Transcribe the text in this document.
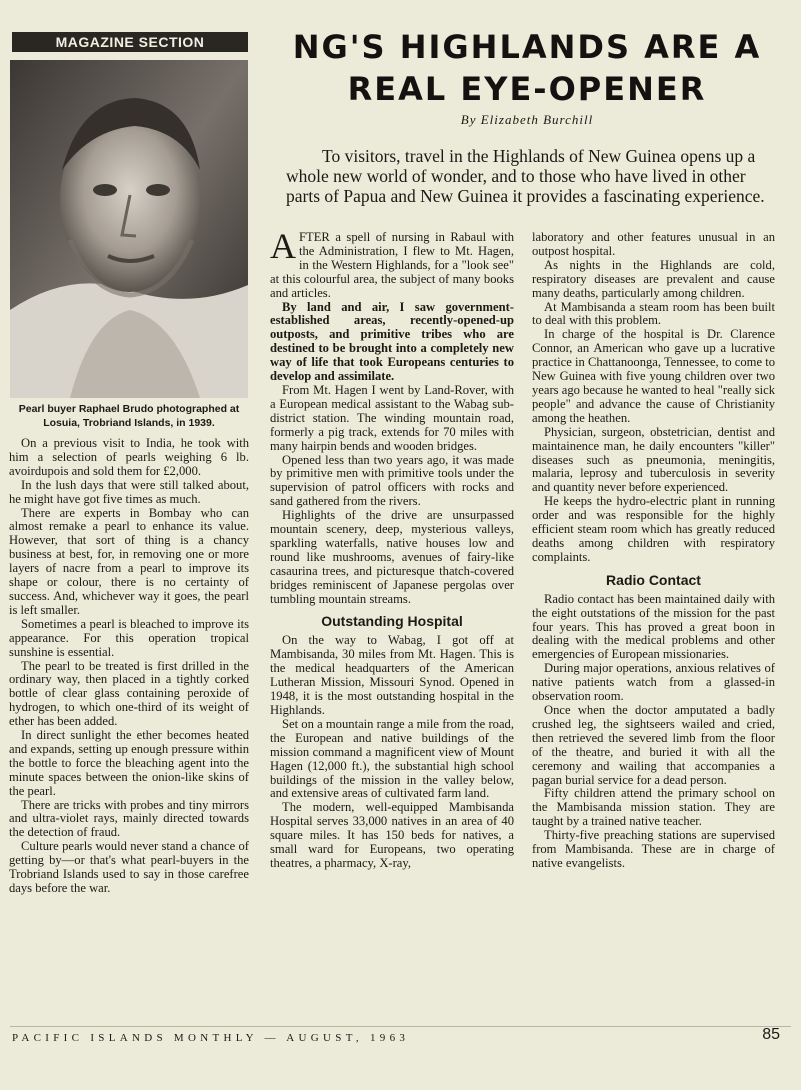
MAGAZINE SECTION	NG'S HIGHLANDS ARE A
REAL EYE-OPENER
By Elizabeth Burchill

To visitors, travel in the Highlands of New Guinea opens up a whole new world of wonder, and to those who have lived in other parts of Papua and New Guinea it provides a fascinating experience.

Pearl buyer Raphael Brudo photographed at Losuia, Trobriand Islands, in 1939.

On a previous visit to India, he took with him a selection of pearls weighing 6 lb. avoirdupois and sold them for £2,000.

In the lush days that were still talked about, he might have got five times as much.

There are experts in Bombay who can almost remake a pearl to enhance its value. However, that sort of thing is a chancy business at best, for, in removing one or more layers of nacre from a pearl to improve its shape or colour, there is no certainty of success. And, whichever way it goes, the pearl is left smaller.

Sometimes a pearl is bleached to improve its appearance. For this operation tropical sunshine is essential.

The pearl to be treated is first drilled in the ordinary way, then placed in a tightly corked bottle of clear glass containing peroxide of hydrogen, to which one-third of its weight of ether has been added.

In direct sunlight the ether becomes heated and expands, setting up enough pressure within the bottle to force the bleaching agent into the minute spaces between the onion-like skins of the pearl.

There are tricks with probes and tiny mirrors and ultra-violet rays, mainly directed towards the detection of fraud.

Culture pearls would never stand a chance of getting by—or that's what pearl-buyers in the Trobriand Islands used to say in those carefree days before the war.

AFTER a spell of nursing in Rabaul with the Administration, I flew to Mt. Hagen, in the Western Highlands, for a "look see" at this colourful area, the subject of many books and articles.

By land and air, I saw government-established areas, recently-opened-up outposts, and primitive tribes who are destined to be brought into a completely new way of life that took Europeans centuries to develop and assimilate.

From Mt. Hagen I went by Land-Rover, with a European medical assistant to the Wabag sub-district station. The winding mountain road, formerly a pig track, extends for 70 miles with many hairpin bends and wooden bridges.

Opened less than two years ago, it was made by primitive men with primitive tools under the supervision of patrol officers with rocks and sand gathered from the rivers.

Highlights of the drive are unsurpassed mountain scenery, deep, mysterious valleys, sparkling waterfalls, native houses low and round like mushrooms, avenues of fairy-like casaurina trees, and picturesque thatch-covered bridges reminiscent of Japanese pergolas over tumbling mountain streams.

Outstanding Hospital

On the way to Wabag, I got off at Mambisanda, 30 miles from Mt. Hagen. This is the medical headquarters of the American Lutheran Mission, Missouri Synod. Opened in 1948, it is the most outstanding hospital in the Highlands.

Set on a mountain range a mile from the road, the European and native buildings of the mission command a magnificent view of Mount Hagen (12,000 ft.), the substantial high school buildings of the mission in the valley below, and extensive areas of cultivated farm land.

The modern, well-equipped Mambisanda Hospital serves 33,000 natives in an area of 40 square miles. It has 150 beds for natives, a small ward for Europeans, two operating theatres, a pharmacy, X-ray,

laboratory and other features unusual in an outpost hospital.

As nights in the Highlands are cold, respiratory diseases are prevalent and cause many deaths, particularly among children.

At Mambisanda a steam room has been built to deal with this problem.

In charge of the hospital is Dr. Clarence Connor, an American who gave up a lucrative practice in Chattanoonga, Tennessee, to come to New Guinea with five young children over two years ago because he wanted to heal "really sick people" and advance the cause of Christianity among the heathen.

Physician, surgeon, obstetrician, dentist and maintainence man, he daily encounters "killer" diseases such as pneumonia, meningitis, malaria, leprosy and tuberculosis in severity and quantity never before experienced.

He keeps the hydro-electric plant in running order and was responsible for the highly efficient steam room which has greatly reduced deaths among children with respiratory complaints.

Radio Contact

Radio contact has been maintained daily with the eight outstations of the mission for the past four years. This has proved a great boon in dealing with the medical problems and other emergencies of European missionaries.

During major operations, anxious relatives of native patients watch from a glassed-in observation room.

Once when the doctor amputated a badly crushed leg, the sightseers wailed and cried, then retrieved the severed limb from the floor of the theatre, and buried it with all the ceremony and wailing that accompanies a pagan burial service for a dead person.

Fifty children attend the primary school on the Mambisanda mission station. They are taught by a trained native teacher.

Thirty-five preaching stations are supervised from Mambisanda. These are in charge of native evangelists.

PACIFIC ISLANDS MONTHLY — AUGUST, 1963	85
